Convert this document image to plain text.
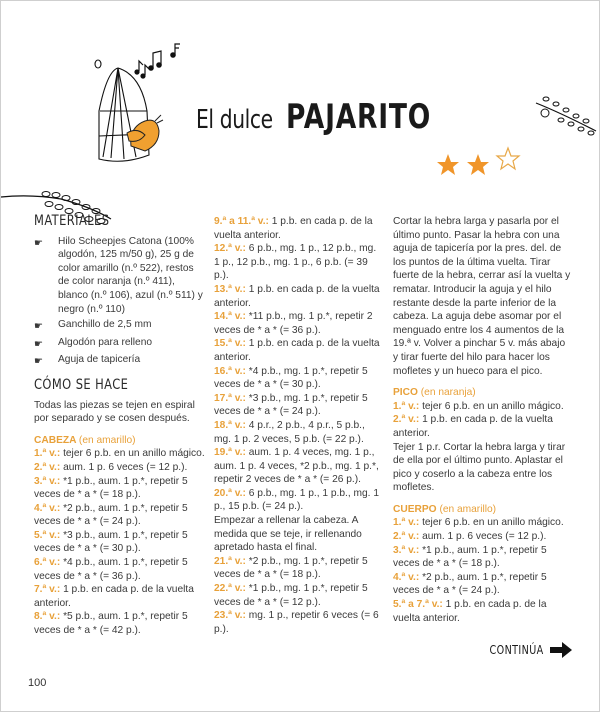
El dulce PAJARITO
MATERIALES
☛	Hilo Scheepjes Catona (100% algodón, 125 m/50 g), 25 g de color amarillo (n.º 522), restos de color naranja (n.º 411), blanco (n.º 106), azul (n.º 511) y negro (n.º 110)

☛	Ganchillo de 2,5 mm

☛	Algodón para relleno

☛	Aguja de tapicería

CÓMO SE HACE

Todas las piezas se tejen en espiral por separado y se cosen después.

CABEZA (en amarillo)

1.ª v.: tejer 6 p.b. en un anillo mágico.

2.ª v.: aum. 1 p. 6 veces (= 12 p.).

3.ª v.: *1 p.b., aum. 1 p.*, repetir 5 veces de * a * (= 18 p.).

4.ª v.: *2 p.b., aum. 1 p.*, repetir 5 veces de * a * (= 24 p.).

5.ª v.: *3 p.b., aum. 1 p.*, repetir 5 veces de * a * (= 30 p.).

6.ª v.: *4 p.b., aum. 1 p.*, repetir 5 veces de * a * (= 36 p.).

7.ª v.: 1 p.b. en cada p. de la vuelta anterior.

8.ª v.: *5 p.b., aum. 1 p.*, repetir 5 veces de * a * (= 42 p.).

9.ª a 11.ª v.: 1 p.b. en cada p. de la vuelta anterior.

12.ª v.: 6 p.b., mg. 1 p., 12 p.b., mg. 1 p., 12 p.b., mg. 1 p., 6 p.b. (= 39 p.).

13.ª v.: 1 p.b. en cada p. de la vuelta anterior.

14.ª v.: *11 p.b., mg. 1 p.*, repetir 2 veces de * a * (= 36 p.).

15.ª v.: 1 p.b. en cada p. de la vuelta anterior.

16.ª v.: *4 p.b., mg. 1 p.*, repetir 5 veces de * a * (= 30 p.).

17.ª v.: *3 p.b., mg. 1 p.*, repetir 5 veces de * a * (= 24 p.).

18.ª v.: 4 p.r., 2 p.b., 4 p.r., 5 p.b., mg. 1 p. 2 veces, 5 p.b. (= 22 p.).

19.ª v.: aum. 1 p. 4 veces, mg. 1 p., aum. 1 p. 4 veces, *2 p.b., mg. 1 p.*, repetir 2 veces de * a * (= 26 p.).

20.ª v.: 6 p.b., mg. 1 p., 1 p.b., mg. 1 p., 15 p.b. (= 24 p.).

Empezar a rellenar la cabeza. A medida que se teje, ir rellenando apretado hasta el final.

21.ª v.: *2 p.b., mg. 1 p.*, repetir 5 veces de * a * (= 18 p.).

22.ª v.: *1 p.b., mg. 1 p.*, repetir 5 veces de * a * (= 12 p.).

23.ª v.: mg. 1 p., repetir 6 veces (= 6 p.).

Cortar la hebra larga y pasarla por el último punto. Pasar la hebra con una aguja de tapicería por la pres. del. de los puntos de la última vuelta. Tirar fuerte de la hebra, cerrar así la vuelta y rematar. Introducir la aguja y el hilo restante desde la parte inferior de la cabeza. La aguja debe asomar por el menguado entre los 4 aumentos de la 19.ª v. Volver a pinchar 5 v. más abajo y tirar fuerte del hilo para hacer los mofletes y un hueco para el pico.

PICO (en naranja)

1.ª v.: tejer 6 p.b. en un anillo mágico.

2.ª v.: 1 p.b. en cada p. de la vuelta anterior.

Tejer 1 p.r. Cortar la hebra larga y tirar de ella por el último punto. Aplastar el pico y coserlo a la cabeza entre los mofletes.

CUERPO (en amarillo)

1.ª v.: tejer 6 p.b. en un anillo mágico.

2.ª v.: aum. 1 p. 6 veces (= 12 p.).

3.ª v.: *1 p.b., aum. 1 p.*, repetir 5 veces de * a * (= 18 p.).

4.ª v.: *2 p.b., aum. 1 p.*, repetir 5 veces de * a * (= 24 p.).

5.ª a 7.ª v.: 1 p.b. en cada p. de la vuelta anterior.

CONTINÚA
100
